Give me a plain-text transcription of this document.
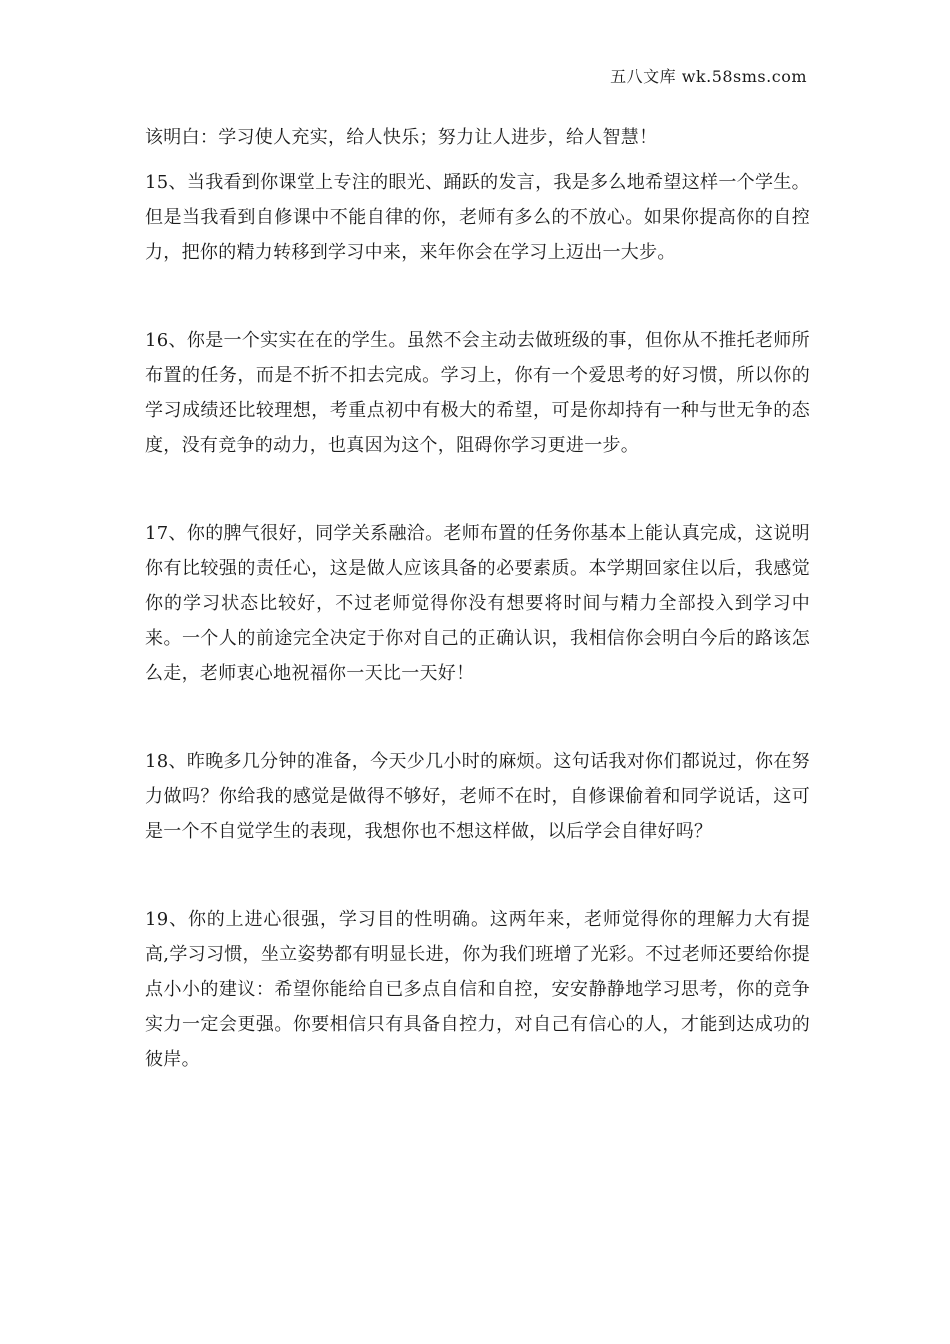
五八文库 wk.58sms.com

该明白：学习使人充实，给人快乐；努力让人进步，给人智慧！

15、当我看到你课堂上专注的眼光、踊跃的发言，我是多么地希望这样一个学生。但是当我看到自修课中不能自律的你，老师有多么的不放心。如果你提高你的自控力，把你的精力转移到学习中来，来年你会在学习上迈出一大步。

16、你是一个实实在在的学生。虽然不会主动去做班级的事，但你从不推托老师所布置的任务，而是不折不扣去完成。学习上，你有一个爱思考的好习惯，所以你的学习成绩还比较理想，考重点初中有极大的希望，可是你却持有一种与世无争的态度，没有竞争的动力，也真因为这个，阻碍你学习更进一步。

17、你的脾气很好，同学关系融洽。老师布置的任务你基本上能认真完成，这说明你有比较强的责任心，这是做人应该具备的必要素质。本学期回家住以后，我感觉你的学习状态比较好，不过老师觉得你没有想要将时间与精力全部投入到学习中来。一个人的前途完全决定于你对自己的正确认识，我相信你会明白今后的路该怎么走，老师衷心地祝福你一天比一天好！

18、昨晚多几分钟的准备，今天少几小时的麻烦。这句话我对你们都说过，你在努力做吗？你给我的感觉是做得不够好，老师不在时，自修课偷着和同学说话，这可是一个不自觉学生的表现，我想你也不想这样做，以后学会自律好吗？

19、你的上进心很强，学习目的性明确。这两年来，老师觉得你的理解力大有提高,学习习惯，坐立姿势都有明显长进，你为我们班增了光彩。不过老师还要给你提点小小的建议：希望你能给自已多点自信和自控，安安静静地学习思考，你的竞争实力一定会更强。你要相信只有具备自控力，对自己有信心的人，才能到达成功的彼岸。
